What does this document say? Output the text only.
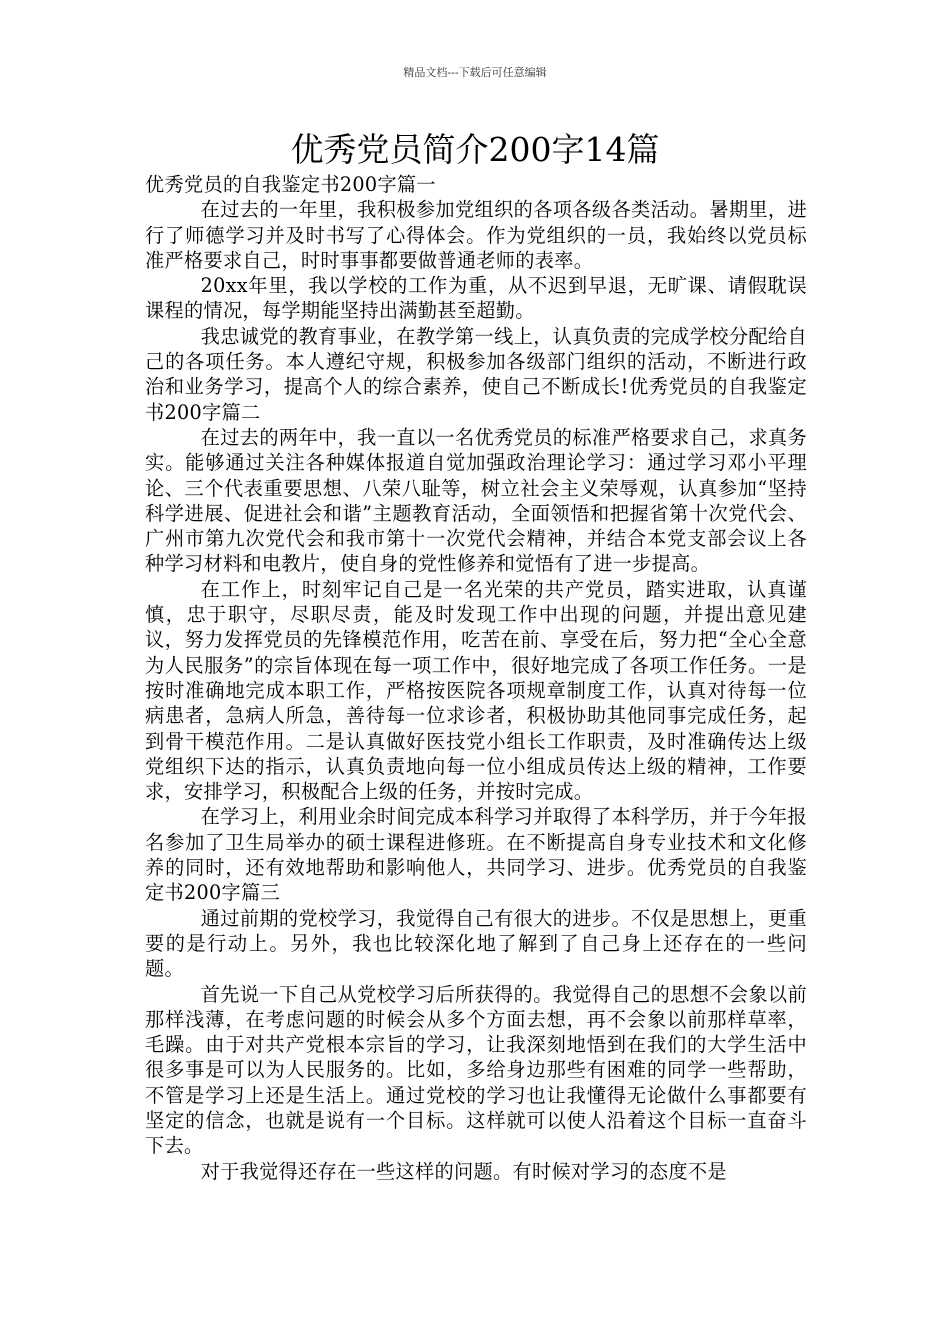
精品文档---下载后可任意编辑
优秀党员简介200字14篇

优秀党员的自我鉴定书200字篇一

在过去的一年里，我积极参加党组织的各项各级各类活动。暑期里，进行了师德学习并及时书写了心得体会。作为党组织的一员，我始终以党员标准严格要求自己，时时事事都要做普通老师的表率。

20xx年里，我以学校的工作为重，从不迟到早退，无旷课、请假耽误课程的情况，每学期能坚持出满勤甚至超勤。

我忠诚党的教育事业，在教学第一线上，认真负责的完成学校分配给自己的各项任务。本人遵纪守规，积极参加各级部门组织的活动，不断进行政治和业务学习，提高个人的综合素养，使自己不断成长!优秀党员的自我鉴定书200字篇二

在过去的两年中，我一直以一名优秀党员的标准严格要求自己，求真务实。能够通过关注各种媒体报道自觉加强政治理论学习：通过学习邓小平理论、三个代表重要思想、八荣八耻等，树立社会主义荣辱观，认真参加“坚持科学进展、促进社会和谐”主题教育活动，全面领悟和把握省第十次党代会、广州市第九次党代会和我市第十一次党代会精神，并结合本党支部会议上各种学习材料和电教片，使自身的党性修养和觉悟有了进一步提高。

在工作上，时刻牢记自己是一名光荣的共产党员，踏实进取，认真谨慎，忠于职守，尽职尽责，能及时发现工作中出现的问题，并提出意见建议，努力发挥党员的先锋模范作用，吃苦在前、享受在后，努力把“全心全意为人民服务”的宗旨体现在每一项工作中，很好地完成了各项工作任务。一是按时准确地完成本职工作，严格按医院各项规章制度工作，认真对待每一位病患者，急病人所急，善待每一位求诊者，积极协助其他同事完成任务，起到骨干模范作用。二是认真做好医技党小组长工作职责，及时准确传达上级党组织下达的指示，认真负责地向每一位小组成员传达上级的精神，工作要求，安排学习，积极配合上级的任务，并按时完成。

在学习上，利用业余时间完成本科学习并取得了本科学历，并于今年报名参加了卫生局举办的硕士课程进修班。在不断提高自身专业技术和文化修养的同时，还有效地帮助和影响他人，共同学习、进步。优秀党员的自我鉴定书200字篇三

通过前期的党校学习，我觉得自己有很大的进步。不仅是思想上，更重要的是行动上。另外，我也比较深化地了解到了自己身上还存在的一些问题。

首先说一下自己从党校学习后所获得的。我觉得自己的思想不会象以前那样浅薄，在考虑问题的时候会从多个方面去想，再不会象以前那样草率，毛躁。由于对共产党根本宗旨的学习，让我深刻地悟到在我们的大学生活中很多事是可以为人民服务的。比如，多给身边那些有困难的同学一些帮助，不管是学习上还是生活上。通过党校的学习也让我懂得无论做什么事都要有坚定的信念，也就是说有一个目标。这样就可以使人沿着这个目标一直奋斗下去。

对于我觉得还存在一些这样的问题。有时候对学习的态度不是
